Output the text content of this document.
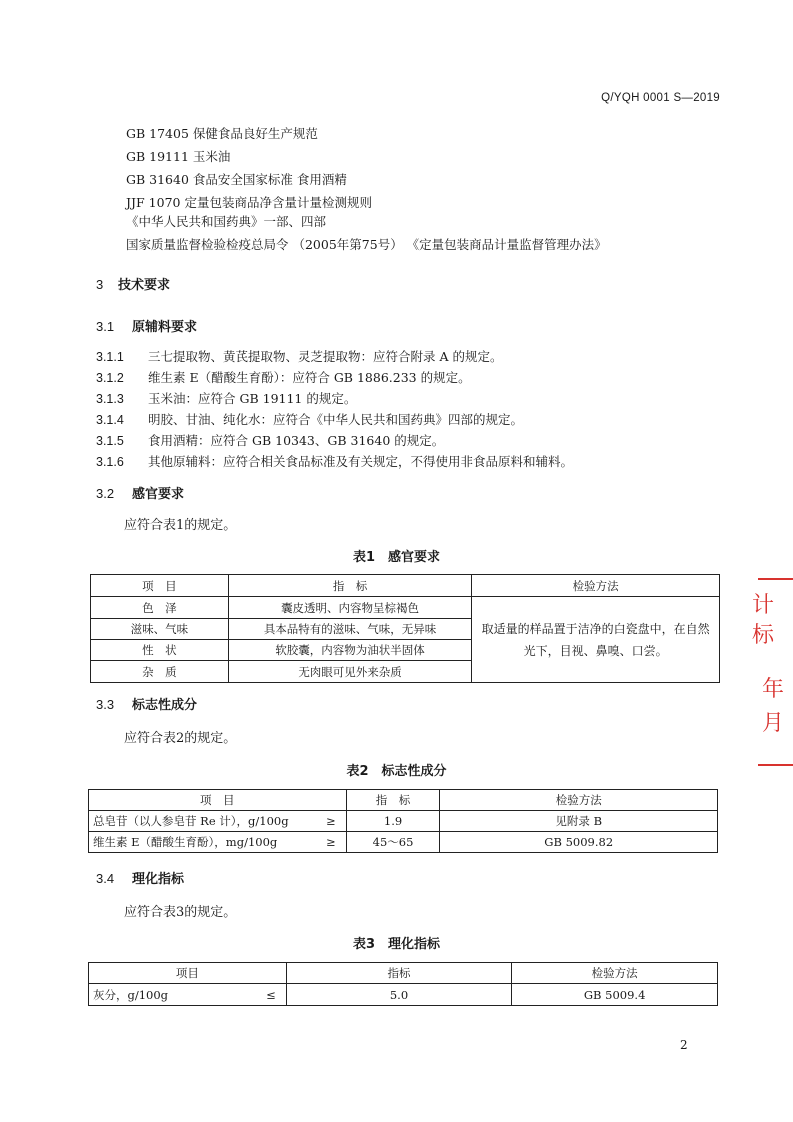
Q/YQH 0001 S—2019
GB 17405 保健食品良好生产规范
GB 19111 玉米油
GB 31640 食品安全国家标准 食用酒精
JJF 1070 定量包装商品净含量计量检测规则
《中华人民共和国药典》一部、四部
国家质量监督检验检疫总局令 （2005年第75号） 《定量包装商品计量监督管理办法》
3 技术要求
3.1 原辅料要求
3.1.1 三七提取物、黄芪提取物、灵芝提取物：应符合附录 A 的规定。
3.1.2 维生素 E（醋酸生育酚）：应符合 GB 1886.233 的规定。
3.1.3 玉米油：应符合 GB 19111 的规定。
3.1.4 明胶、甘油、纯化水：应符合《中华人民共和国药典》四部的规定。
3.1.5 食用酒精：应符合 GB 10343、GB 31640 的规定。
3.1.6 其他原辅料：应符合相关食品标准及有关规定，不得使用非食品原料和辅料。
3.2 感官要求
应符合表1的规定。
表1　感官要求
项　目	指　标	检验方法
色　泽	囊皮透明、内容物呈棕褐色	取适量的样品置于洁净的白瓷盘中，在自然光下，目视、鼻嗅、口尝。
滋味、气味	具本品特有的滋味、气味，无异味	
性　状	软胶囊，内容物为油状半固体	
杂　质	无肉眼可见外来杂质	
3.3 标志性成分
应符合表2的规定。
表2　标志性成分
项　目		指　标	检验方法
总皂苷（以人参皂苷 Re 计），g/100g	≥	1.9	见附录 B
维生素 E（醋酸生育酚），mg/100g	≥	45～65	GB 5009.82
3.4 理化指标
应符合表3的规定。
表3　理化指标
项目		指标	检验方法
灰分，g/100g	≤	5.0	GB 5009.4
计
标
年
月
2
